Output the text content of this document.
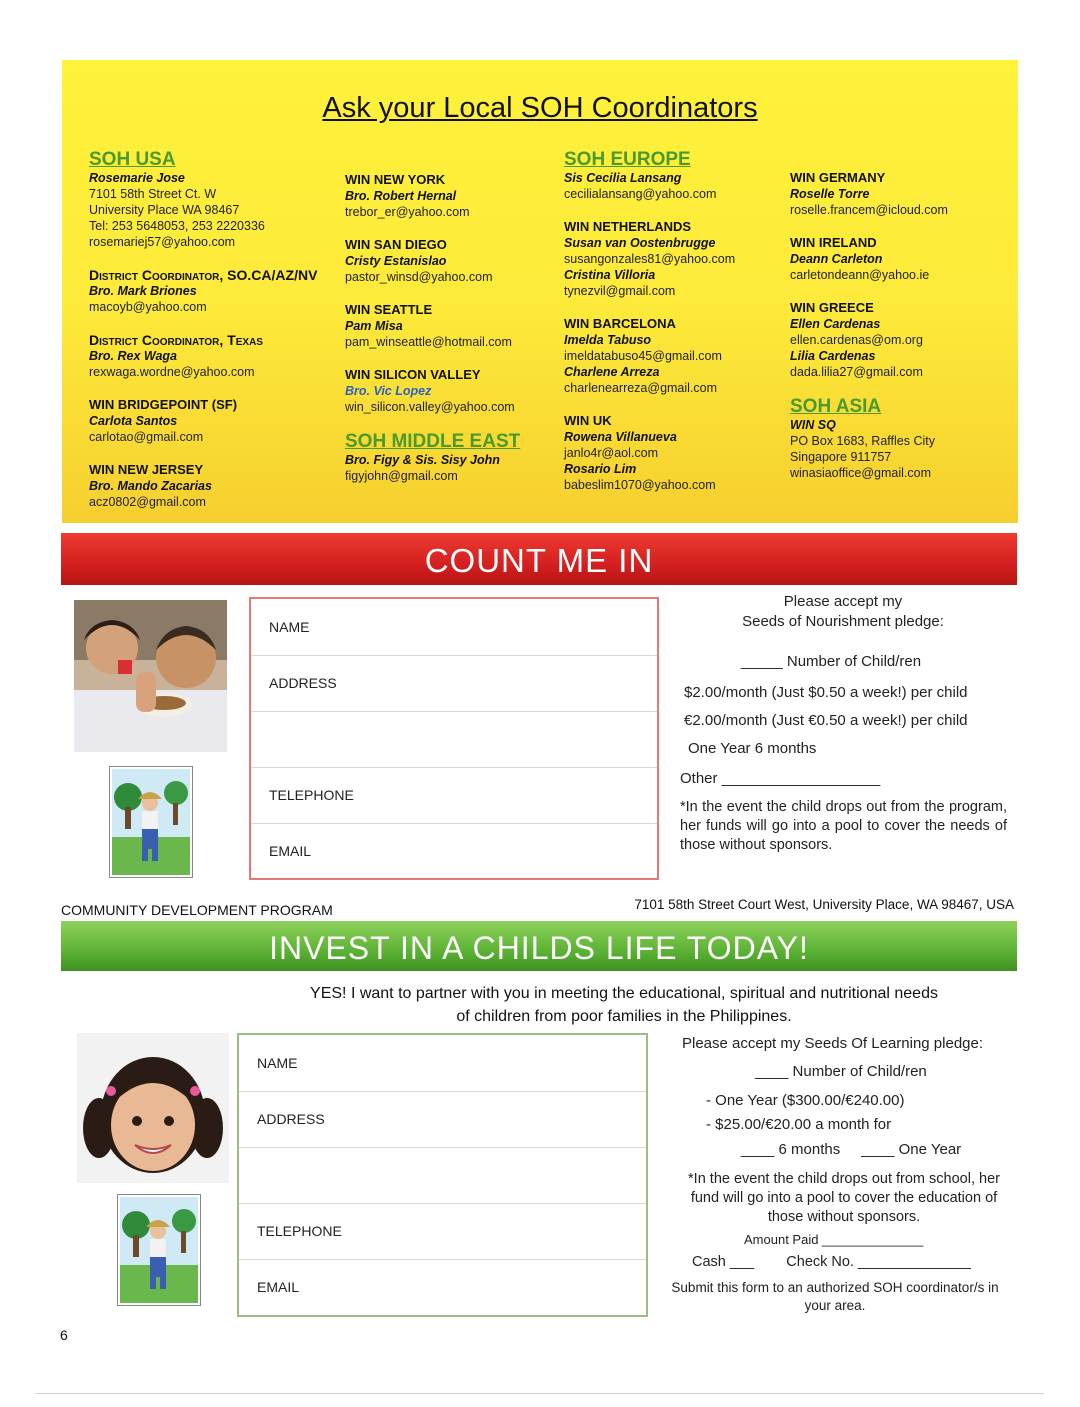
Ask your Local SOH Coordinators
SOH USA
Rosemarie Jose
7101 58th Street Ct. W
University Place WA 98467
Tel: 253 5648053, 253 2220336
rosemariej57@yahoo.com
District Coordinator, SO.CA/AZ/NV
Bro. Mark Briones
macoyb@yahoo.com
District Coordinator, Texas
Bro. Rex Waga
rexwaga.wordne@yahoo.com
WIN BRIDGEPOINT (SF)
Carlota Santos
carlotao@gmail.com
WIN NEW JERSEY
Bro. Mando Zacarias
acz0802@gmail.com
WIN NEW YORK
Bro. Robert Hernal
trebor_er@yahoo.com
WIN SAN DIEGO
Cristy Estanislao
pastor_winsd@yahoo.com
WIN SEATTLE
Pam Misa
pam_winseattle@hotmail.com
WIN SILICON VALLEY
Bro. Vic Lopez
win_silicon.valley@yahoo.com
SOH MIDDLE EAST
Bro. Figy & Sis. Sisy John
figyjohn@gmail.com
SOH EUROPE
Sis Cecilia Lansang
cecilialansang@yahoo.com
WIN NETHERLANDS
Susan van Oostenbrugge
susangonzales81@yahoo.com
Cristina Villoria
tynezvil@gmail.com
WIN BARCELONA
Imelda Tabuso
imeldatabuso45@gmail.com
Charlene Arreza
charlenearreza@gmail.com
WIN UK
Rowena Villanueva
janlo4r@aol.com
Rosario Lim
babeslim1070@yahoo.com
WIN GERMANY
Roselle Torre
roselle.francem@icloud.com
WIN IRELAND
Deann Carleton
carletondeann@yahoo.ie
WIN GREECE
Ellen Cardenas
ellen.cardenas@om.org
Lilia Cardenas
dada.lilia27@gmail.com
SOH ASIA
WIN SQ
PO Box 1683, Raffles City
Singapore 911757
winasiaoffice@gmail.com
COUNT ME IN
NAME
ADDRESS
TELEPHONE
EMAIL
Please accept my
Seeds of Nourishment pledge:
_____ Number of Child/ren
$2.00/month (Just $0.50 a week!) per child
€2.00/month (Just €0.50 a week!) per child
One Year 6 months
Other ___________________
*In the event the child drops out from the program, her funds will go into a pool to cover the needs of those without sponsors.
COMMUNITY DEVELOPMENT PROGRAM	7101 58th Street Court West, University Place, WA 98467, USA
INVEST IN A CHILDS LIFE TODAY!
YES! I want to partner with you in meeting the educational, spiritual and nutritional needs
of children from poor families in the Philippines.
NAME
ADDRESS
TELEPHONE
EMAIL
Please accept my Seeds Of Learning pledge:
____ Number of Child/ren
- One Year ($300.00/€240.00)
- $25.00/€20.00 a month for
____ 6 months     ____ One Year
*In the event the child drops out from school, her fund will go into a pool to cover the education of those without sponsors.
Amount Paid ______________
Cash ___        Check No. ______________
Submit this form to an authorized SOH coordinator/s in your area.
6
